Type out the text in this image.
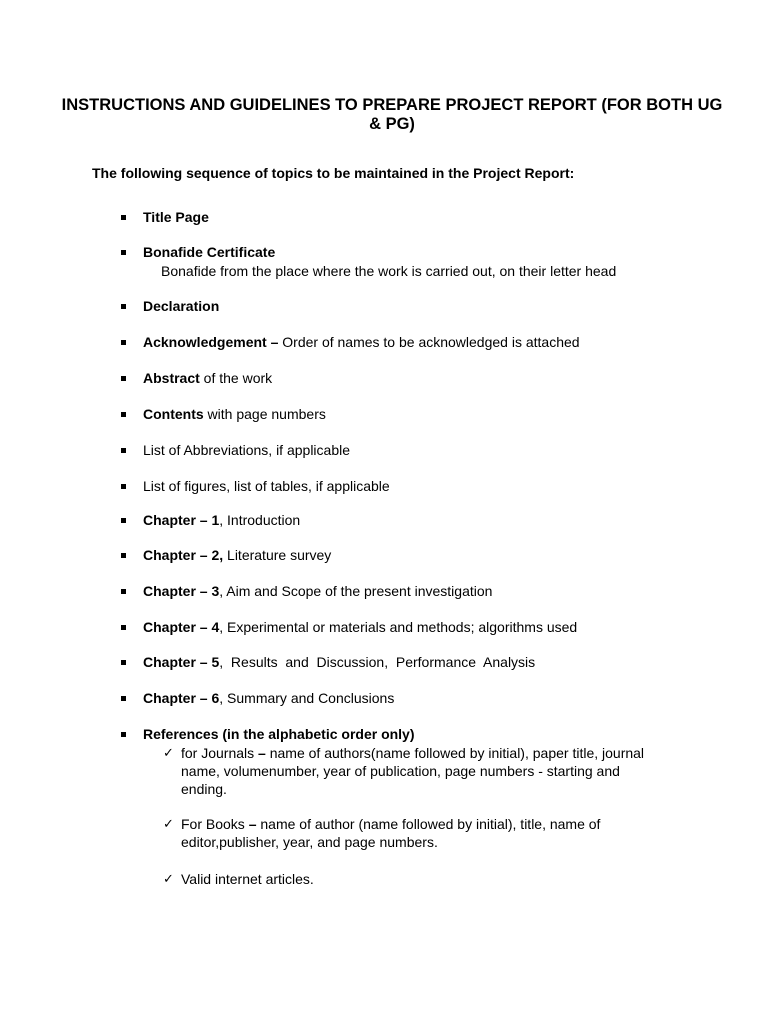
INSTRUCTIONS AND GUIDELINES TO PREPARE PROJECT REPORT (FOR BOTH UG & PG)
The following sequence of topics to be maintained in the Project Report:
Title Page
Bonafide Certificate
Bonafide from the place where the work is carried out, on their letter head
Declaration
Acknowledgement – Order of names to be acknowledged is attached
Abstract of the work
Contents with page numbers
List of Abbreviations, if applicable
List of figures, list of tables, if applicable
Chapter – 1, Introduction
Chapter – 2, Literature survey
Chapter – 3, Aim and Scope of the present investigation
Chapter – 4, Experimental or materials and methods; algorithms used
Chapter – 5,  Results  and  Discussion,  Performance  Analysis
Chapter – 6, Summary and Conclusions
References (in the alphabetic order only)
✓ for Journals – name of authors(name followed by initial), paper title, journal
name, volumenumber, year of publication, page numbers - starting and
ending.
✓ For Books – name of author (name followed by initial), title, name of
editor,publisher, year, and page numbers.
✓ Valid internet articles.
